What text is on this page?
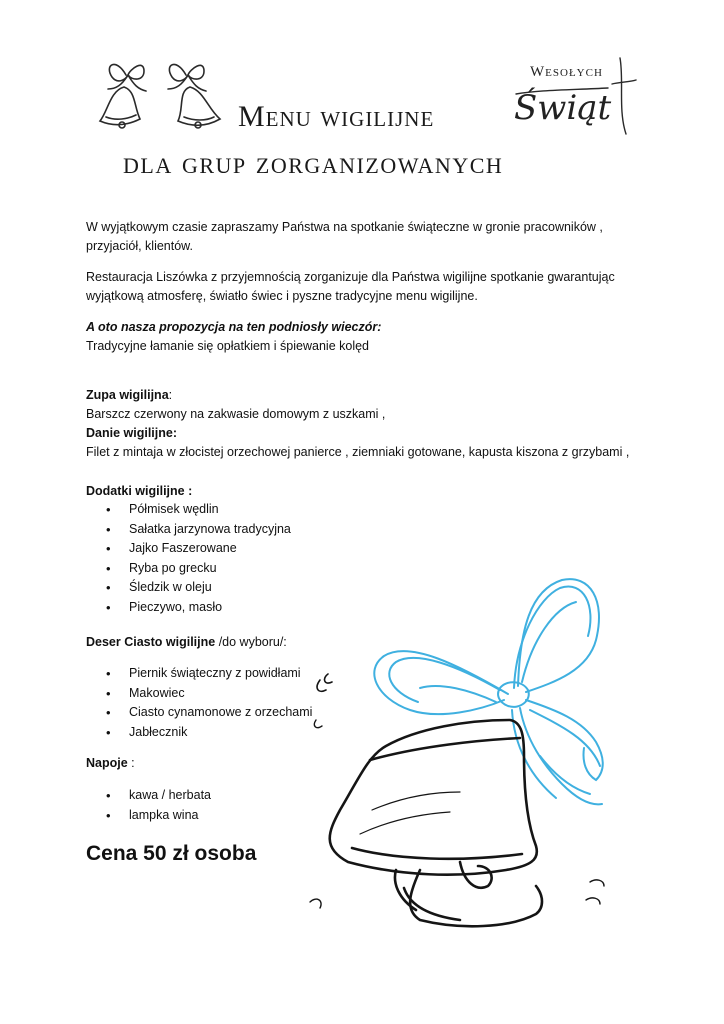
Wesołych
Świąt
Menu wigilijne
dla grup zorganizowanych
W wyjątkowym czasie zapraszamy Państwa na spotkanie świąteczne w gronie pracowników , przyjaciół, klientów.
Restauracja Liszówka z przyjemnością zorganizuje dla Państwa wigilijne spotkanie gwarantując wyjątkową atmosferę, światło świec i pyszne tradycyjne menu wigilijne.
A oto nasza propozycja na ten podniosły wieczór:
Tradycyjne łamanie się opłatkiem i śpiewanie kolęd
Zupa wigilijna:
Barszcz czerwony na zakwasie domowym z uszkami ,
Danie wigilijne:
Filet z mintaja w złocistej orzechowej panierce , ziemniaki gotowane, kapusta kiszona z grzybami ,
Dodatki wigilijne :
• Półmisek wędlin
• Sałatka jarzynowa tradycyjna
• Jajko Faszerowane
• Ryba po grecku
• Śledzik w oleju
• Pieczywo, masło
Deser Ciasto wigilijne /do wyboru/:
• Piernik świąteczny z powidłami
• Makowiec
• Ciasto cynamonowe z orzechami
• Jabłecznik
Napoje :
• kawa / herbata
• lampka wina
Cena 50 zł osoba
